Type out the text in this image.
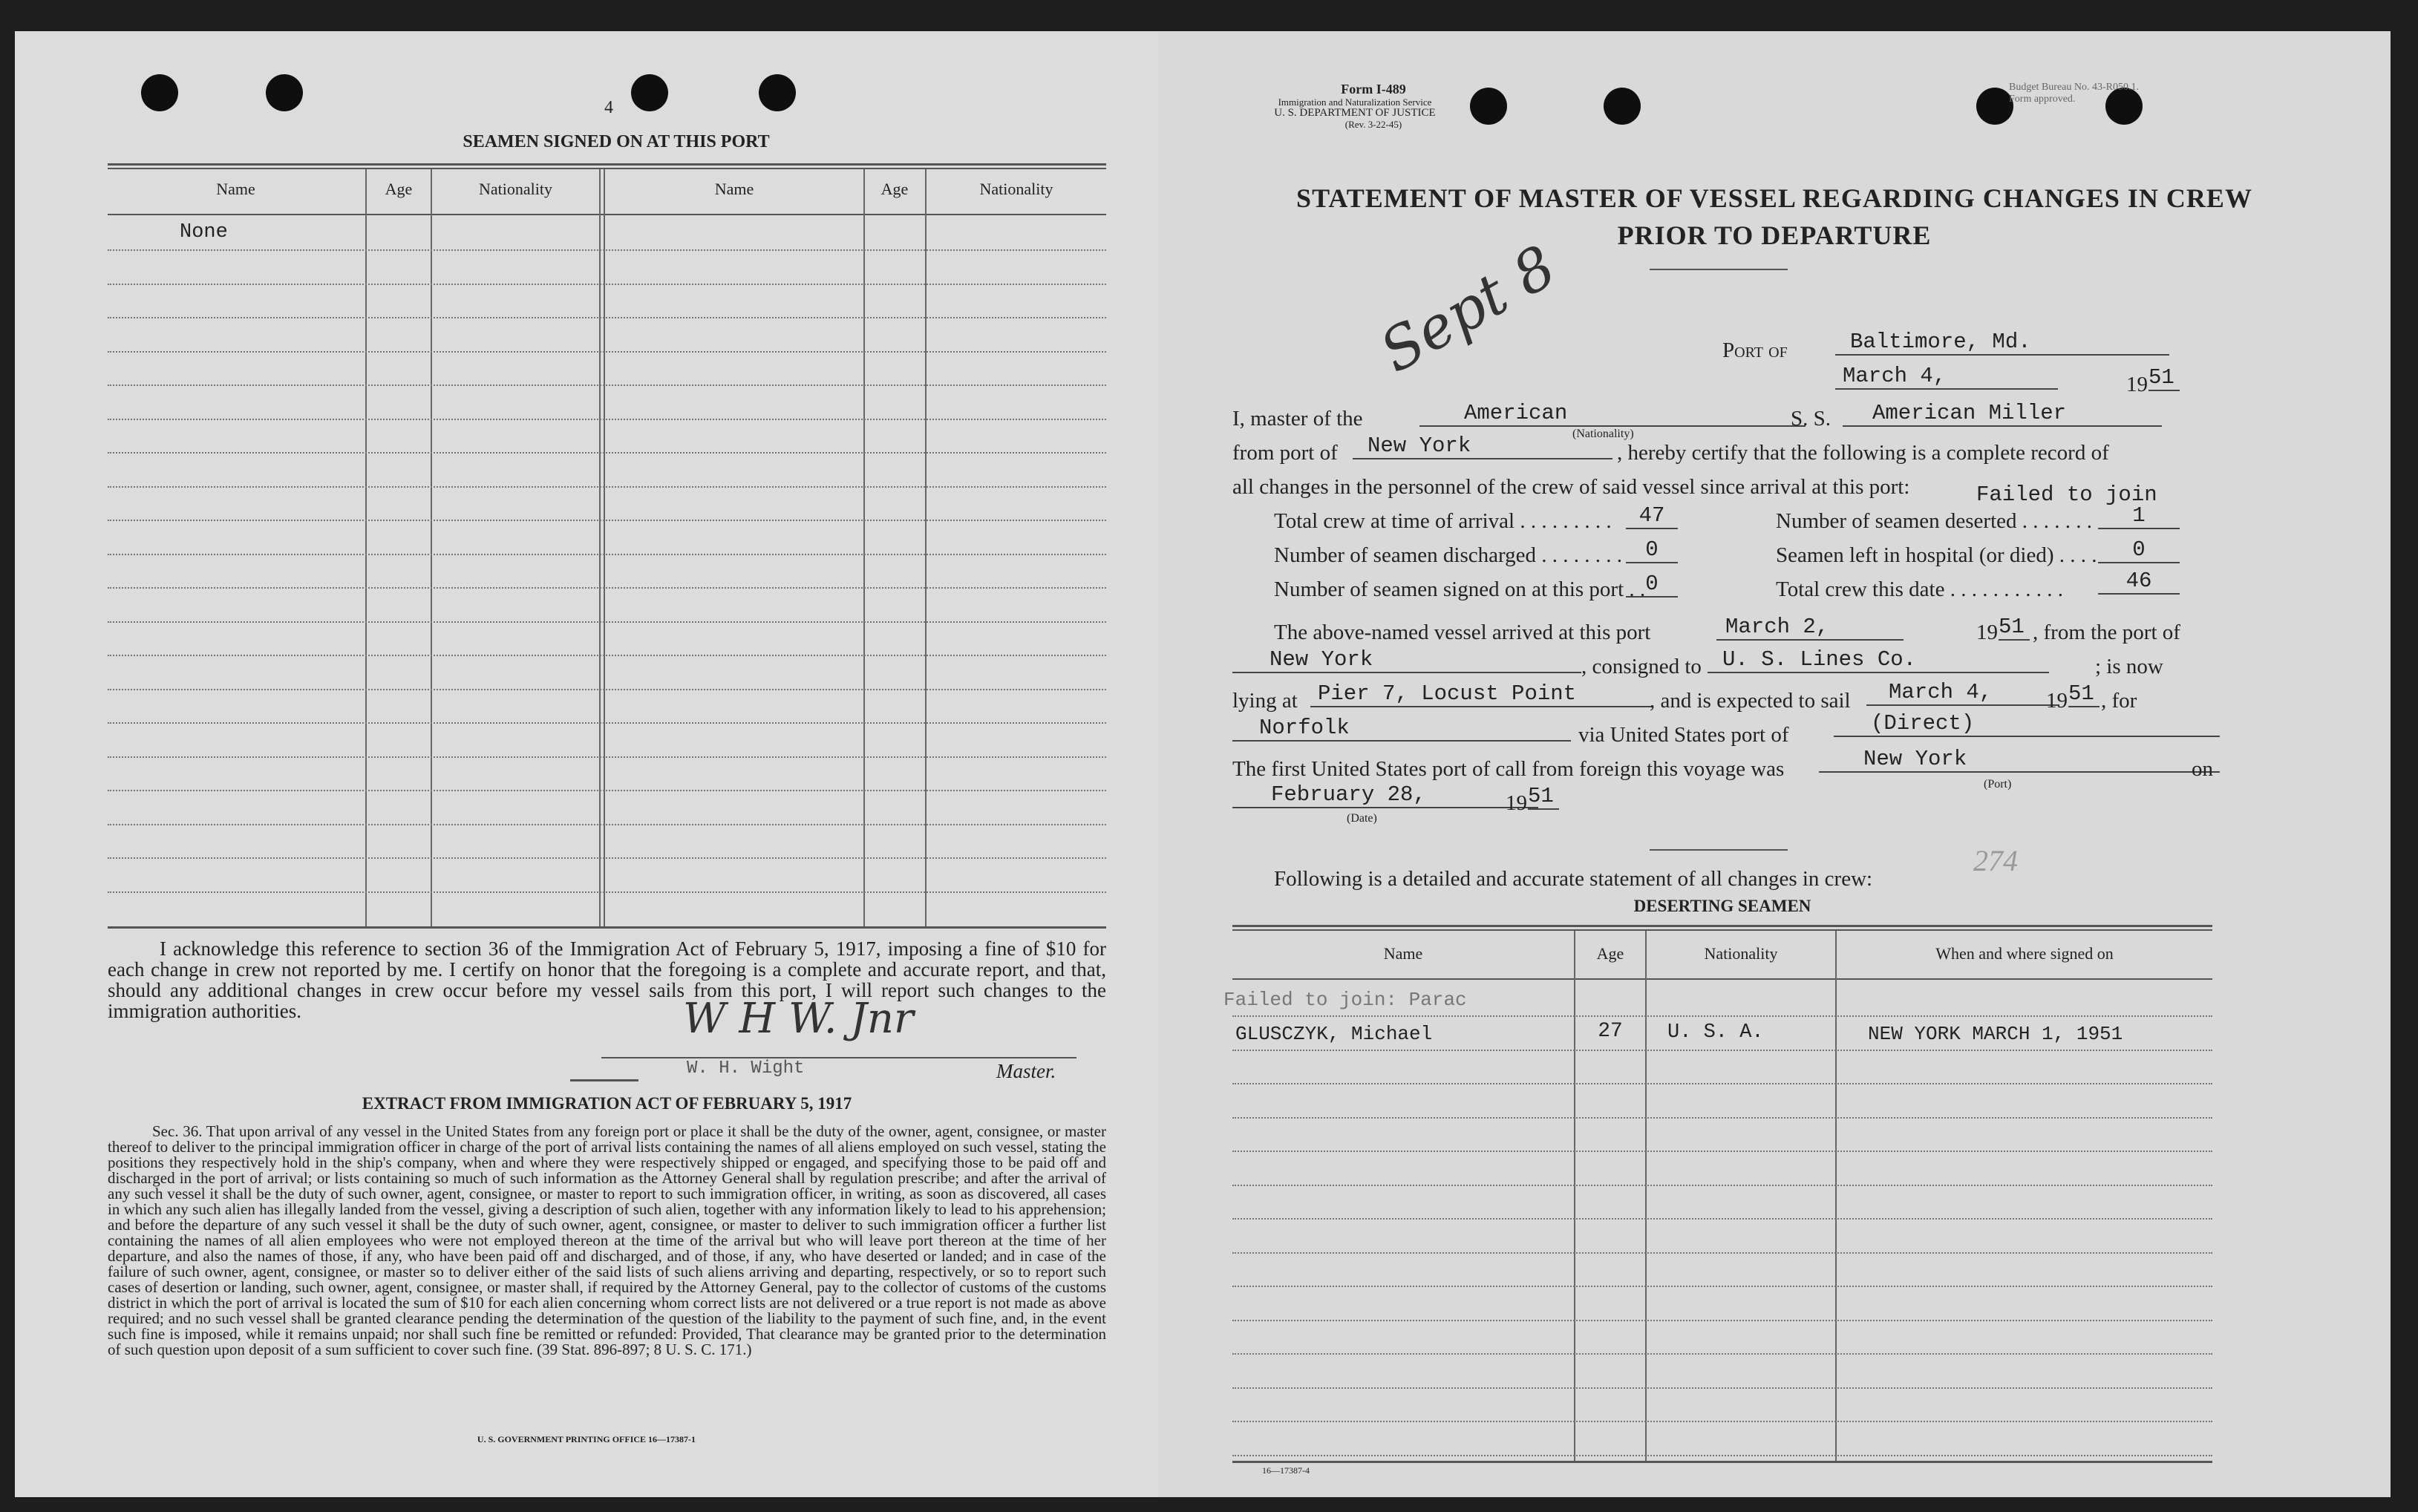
4
SEAMEN SIGNED ON AT THIS PORT
Name	Age	Nationality	Name	Age	Nationality
None
I acknowledge this reference to section 36 of the Immigration Act of February 5, 1917, imposing a fine of $10 for each change in crew not reported by me. I certify on honor that the foregoing is a complete and accurate report, and that, should any additional changes in crew occur before my vessel sails from this port, I will report such changes to the immigration authorities.	W H W. Jnr
W. H. Wight	Master.
EXTRACT FROM IMMIGRATION ACT OF FEBRUARY 5, 1917
Sec. 36. That upon arrival of any vessel in the United States from any foreign port or place it shall be the duty of the owner, agent, consignee, or master thereof to deliver to the principal immigration officer in charge of the port of arrival lists containing the names of all aliens employed on such vessel, stating the positions they respectively hold in the ship's company, when and where they were respectively shipped or engaged, and specifying those to be paid off and discharged in the port of arrival; or lists containing so much of such information as the Attorney General shall by regulation prescribe; and after the arrival of any such vessel it shall be the duty of such owner, agent, consignee, or master to report to such immigration officer, in writing, as soon as discovered, all cases in which any such alien has illegally landed from the vessel, giving a description of such alien, together with any information likely to lead to his apprehension; and before the departure of any such vessel it shall be the duty of such owner, agent, consignee, or master to deliver to such immigration officer a further list containing the names of all alien employees who were not employed thereon at the time of the arrival but who will leave port thereon at the time of her departure, and also the names of those, if any, who have been paid off and discharged, and of those, if any, who have deserted or landed; and in case of the failure of such owner, agent, consignee, or master so to deliver either of the said lists of such aliens arriving and departing, respectively, or so to report such cases of desertion or landing, such owner, agent, consignee, or master shall, if required by the Attorney General, pay to the collector of customs of the customs district in which the port of arrival is located the sum of $10 for each alien concerning whom correct lists are not delivered or a true report is not made as above required; and no such vessel shall be granted clearance pending the determination of the question of the liability to the payment of such fine, and, in the event such fine is imposed, while it remains unpaid; nor shall such fine be remitted or refunded: Provided, That clearance may be granted prior to the determination of such question upon deposit of a sum sufficient to cover such fine. (39 Stat. 896-897; 8 U. S. C. 171.)
U. S. GOVERNMENT PRINTING OFFICE 16—17387-1
Form I-489
Immigration and Naturalization Service
U. S. DEPARTMENT OF JUSTICE
(Rev. 3-22-45)
Budget Bureau No. 43-R050.1.
Form approved.
STATEMENT OF MASTER OF VESSEL REGARDING CHANGES IN CREW
PRIOR TO DEPARTURE
Sept 8	Port of	Baltimore, Md.
March 4,	19 51
I, master of the	American
(Nationality)
S. S.	American Miller
from port of	New York	, hereby certify that the following is a complete record of
all changes in the personnel of the crew of said vessel since arrival at this port:	Failed to join
Total crew at time of arrival . . . . . . . . .	47	Number of seamen deserted . . . . . . .	1
Number of seamen discharged . . . . . . . .	0	Seamen left in hospital (or died) . . . .	0
Number of seamen signed on at this port . . 0	Total crew this date . . . . . . . . . . .	46
The above-named vessel arrived at this port	March 2,	19 51 , from the port of
New York	, consigned to U. S. Lines Co.	; is now
lying at Pier 7, Locust Point	, and is expected to sail	March 4,	19 51 , for
Norfolk	via United States port of	(Direct)
The first United States port of call from foreign this voyage was	New York
(Port)
on
February 28,
(Date)
19 51
274
Following is a detailed and accurate statement of all changes in crew:
DESERTING SEAMEN
Name	Age	Nationality	When and where signed on
Failed to join: Parac
GLUSCZYK, Michael	27	U. S. A.	NEW YORK MARCH 1, 1951
16—17387-4
